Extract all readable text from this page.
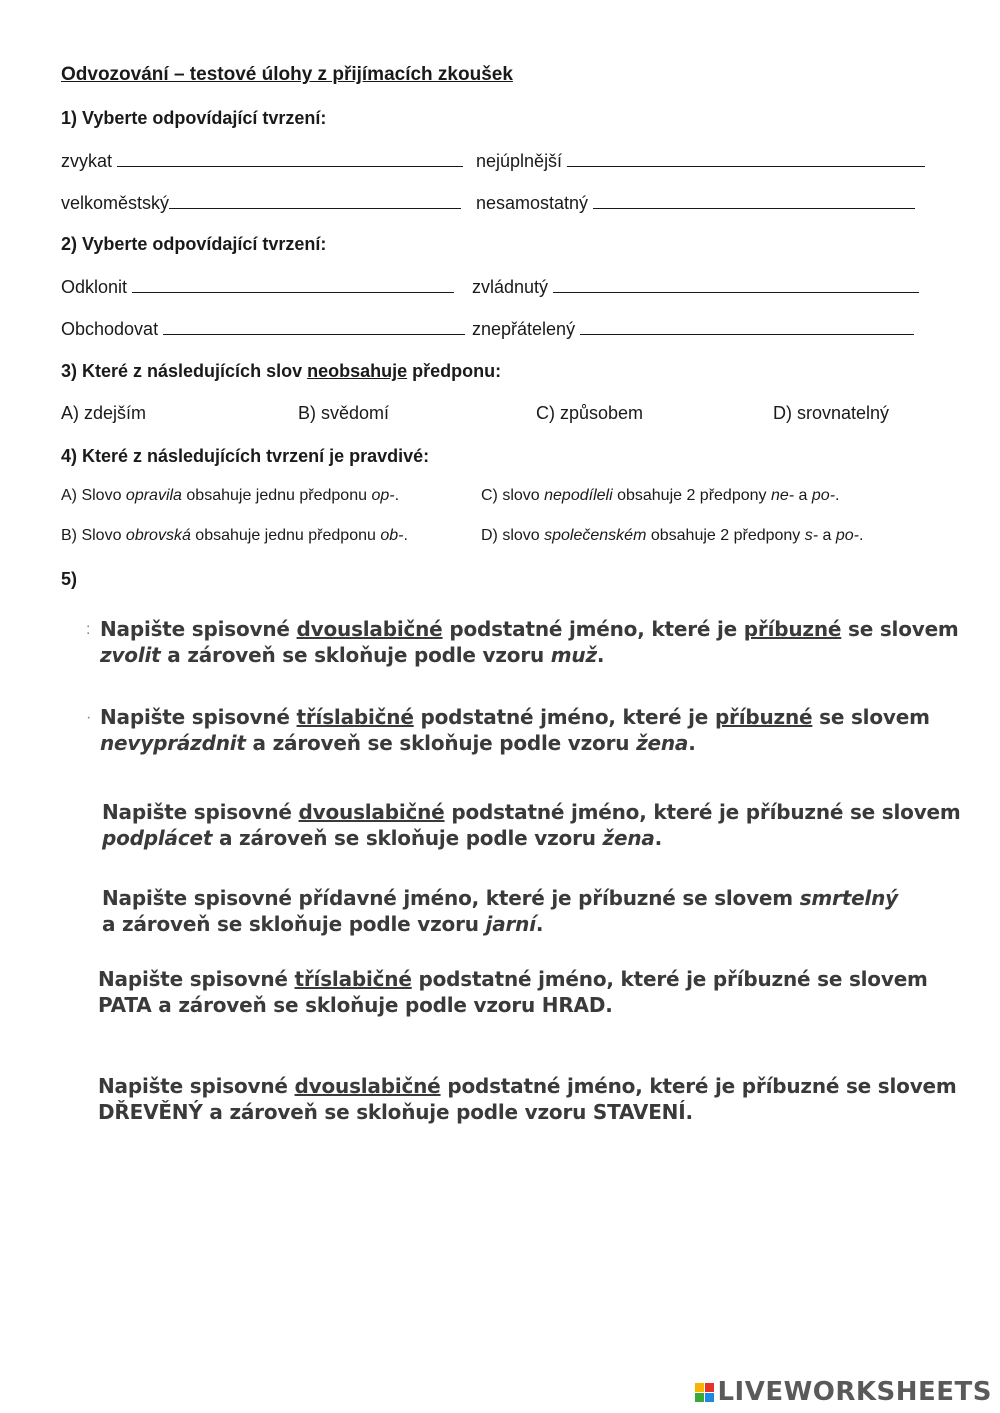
Odvozování – testové úlohy z přijímacích zkoušek
1) Vyberte odpovídající tvrzení:
zvykat	nejúplnější
velkoměstský	nesamostatný
2) Vyberte odpovídající tvrzení:
Odklonit	zvládnutý
Obchodovat	znepřátelený
3) Které z následujících slov neobsahuje předponu:
A) zdejším	B) svědomí	C) způsobem	D) srovnatelný
4) Které z následujících tvrzení je pravdivé:
A) Slovo opravila obsahuje jednu předponu op-.	C) slovo nepodíleli obsahuje 2 předpony ne- a po-.
B) Slovo obrovská obsahuje jednu předponu ob-.	D) slovo společenském obsahuje 2 předpony s- a po-.
5)
: Napište spisovné dvouslabičné podstatné jméno, které je příbuzné se slovem
zvolit a zároveň se skloňuje podle vzoru muž.
· Napište spisovné tříslabičné podstatné jméno, které je příbuzné se slovem
nevyprázdnit a zároveň se skloňuje podle vzoru žena.
Napište spisovné dvouslabičné podstatné jméno, které je příbuzné se slovem
podplácet a zároveň se skloňuje podle vzoru žena.
Napište spisovné přídavné jméno, které je příbuzné se slovem smrtelný
a zároveň se skloňuje podle vzoru jarní.
Napište spisovné tříslabičné podstatné jméno, které je příbuzné se slovem
PATA a zároveň se skloňuje podle vzoru HRAD.
Napište spisovné dvouslabičné podstatné jméno, které je příbuzné se slovem
DŘEVĚNÝ a zároveň se skloňuje podle vzoru STAVENÍ.
LIVEWORKSHEETS
